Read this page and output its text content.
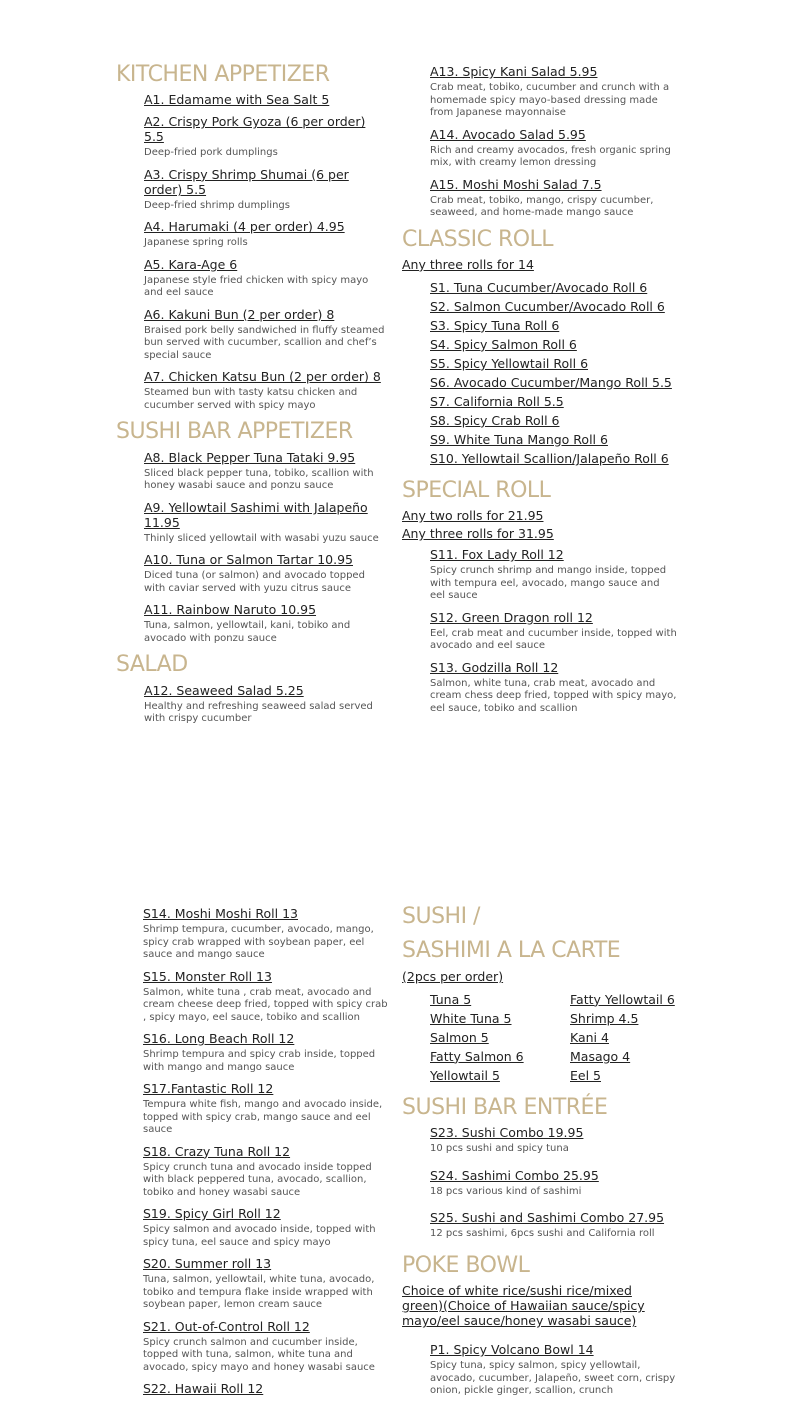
KITCHEN APPETIZER
A1. Edamame with Sea Salt 5
A2. Crispy Pork Gyoza (6 per order) 5.5
Deep-fried pork dumplings
A3. Crispy Shrimp Shumai (6 per order) 5.5
Deep-fried shrimp dumplings
A4. Harumaki (4 per order) 4.95
Japanese spring rolls
A5. Kara-Age 6
Japanese style fried chicken with spicy mayo and eel sauce
A6. Kakuni Bun (2 per order) 8
Braised pork belly sandwiched in fluffy steamed bun served with cucumber, scallion and chef’s special sauce
A7. Chicken Katsu Bun (2 per order) 8
Steamed bun with tasty katsu chicken and cucumber served with spicy mayo
SUSHI BAR APPETIZER
A8. Black Pepper Tuna Tataki 9.95
Sliced black pepper tuna, tobiko, scallion with honey wasabi sauce and ponzu sauce
A9. Yellowtail Sashimi with Jalapeño 11.95
Thinly sliced yellowtail with wasabi yuzu sauce
A10. Tuna or Salmon Tartar 10.95
Diced tuna (or salmon) and avocado topped with caviar served with yuzu citrus sauce
A11. Rainbow Naruto 10.95
Tuna, salmon, yellowtail, kani, tobiko and avocado with ponzu sauce
SALAD
A12. Seaweed Salad 5.25
Healthy and refreshing seaweed salad served with crispy cucumber
A13. Spicy Kani Salad 5.95
Crab meat, tobiko, cucumber and crunch with a homemade spicy mayo-based dressing made from Japanese mayonnaise
A14. Avocado Salad 5.95
Rich and creamy avocados, fresh organic spring mix, with creamy lemon dressing
A15. Moshi Moshi Salad 7.5
Crab meat, tobiko, mango, crispy cucumber, seaweed, and home-made mango sauce
CLASSIC ROLL
Any three rolls for 14
S1. Tuna Cucumber/Avocado Roll 6
S2. Salmon Cucumber/Avocado Roll 6
S3. Spicy Tuna Roll 6
S4. Spicy Salmon Roll 6
S5. Spicy Yellowtail Roll 6
S6. Avocado Cucumber/Mango Roll 5.5
S7. California Roll 5.5
S8. Spicy Crab Roll 6
S9. White Tuna Mango Roll 6
S10. Yellowtail Scallion/Jalapeño Roll 6
SPECIAL ROLL
Any two rolls for 21.95
Any three rolls for 31.95
S11. Fox Lady Roll 12
Spicy crunch shrimp and mango inside, topped with tempura eel, avocado, mango sauce and eel sauce
S12. Green Dragon roll 12
Eel, crab meat and cucumber inside, topped with avocado and eel sauce
S13. Godzilla Roll 12
Salmon, white tuna, crab meat, avocado and cream chess deep fried, topped with spicy mayo, eel sauce, tobiko and scallion
S14. Moshi Moshi Roll 13
Shrimp tempura, cucumber, avocado, mango, spicy crab wrapped with soybean paper, eel sauce and mango sauce
S15. Monster Roll 13
Salmon, white tuna , crab meat, avocado and cream cheese deep fried, topped with spicy crab , spicy mayo, eel sauce, tobiko and scallion
S16. Long Beach Roll 12
Shrimp tempura and spicy crab inside, topped with mango and mango sauce
S17.Fantastic Roll 12
Tempura white fish, mango and avocado inside, topped with spicy crab, mango sauce and eel sauce
S18. Crazy Tuna Roll 12
Spicy crunch tuna and avocado inside topped with black peppered tuna, avocado, scallion, tobiko and honey wasabi sauce
S19. Spicy Girl Roll 12
Spicy salmon and avocado inside, topped with spicy tuna, eel sauce and spicy mayo
S20. Summer roll 13
Tuna, salmon, yellowtail, white tuna, avocado, tobiko and tempura flake inside wrapped with soybean paper, lemon cream sauce
S21. Out-of-Control Roll 12
Spicy crunch salmon and cucumber inside, topped with tuna, salmon, white tuna and avocado, spicy mayo and honey wasabi sauce
S22. Hawaii Roll 12
SUSHI /
SASHIMI A LA CARTE
(2pcs per order)
Tuna 5	Fatty Yellowtail 6
White Tuna 5	Shrimp 4.5
Salmon 5	Kani 4
Fatty Salmon 6	Masago 4
Yellowtail 5	Eel 5
SUSHI BAR ENTRÉE
S23. Sushi Combo 19.95
10 pcs sushi and spicy tuna
S24. Sashimi Combo 25.95
18 pcs various kind of sashimi
S25. Sushi and Sashimi Combo 27.95
12 pcs sashimi, 6pcs sushi and California roll
POKE BOWL
Choice of white rice/sushi rice/mixed green)(Choice of Hawaiian sauce/spicy mayo/eel sauce/honey wasabi sauce)
P1. Spicy Volcano Bowl 14
Spicy tuna, spicy salmon, spicy yellowtail, avocado, cucumber, Jalapeño, sweet corn, crispy onion, pickle ginger, scallion, crunch
